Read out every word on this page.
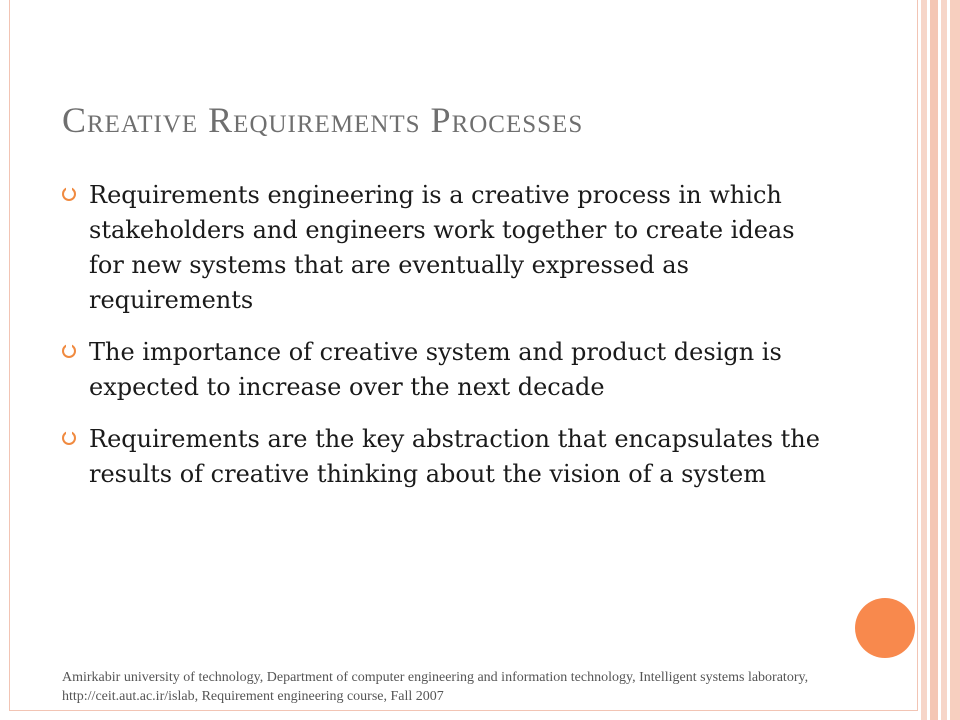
Creative Requirements Processes
Requirements engineering is a creative process in which stakeholders and engineers work together to create ideas for new systems that are eventually expressed as requirements
The importance of creative system and product design is expected to increase over the next decade
Requirements are the key abstraction that encapsulates the results of creative thinking about the vision of a system

Amirkabir university of technology, Department of computer engineering and information technology, Intelligent systems laboratory, http://ceit.aut.ac.ir/islab, Requirement engineering course, Fall 2007
